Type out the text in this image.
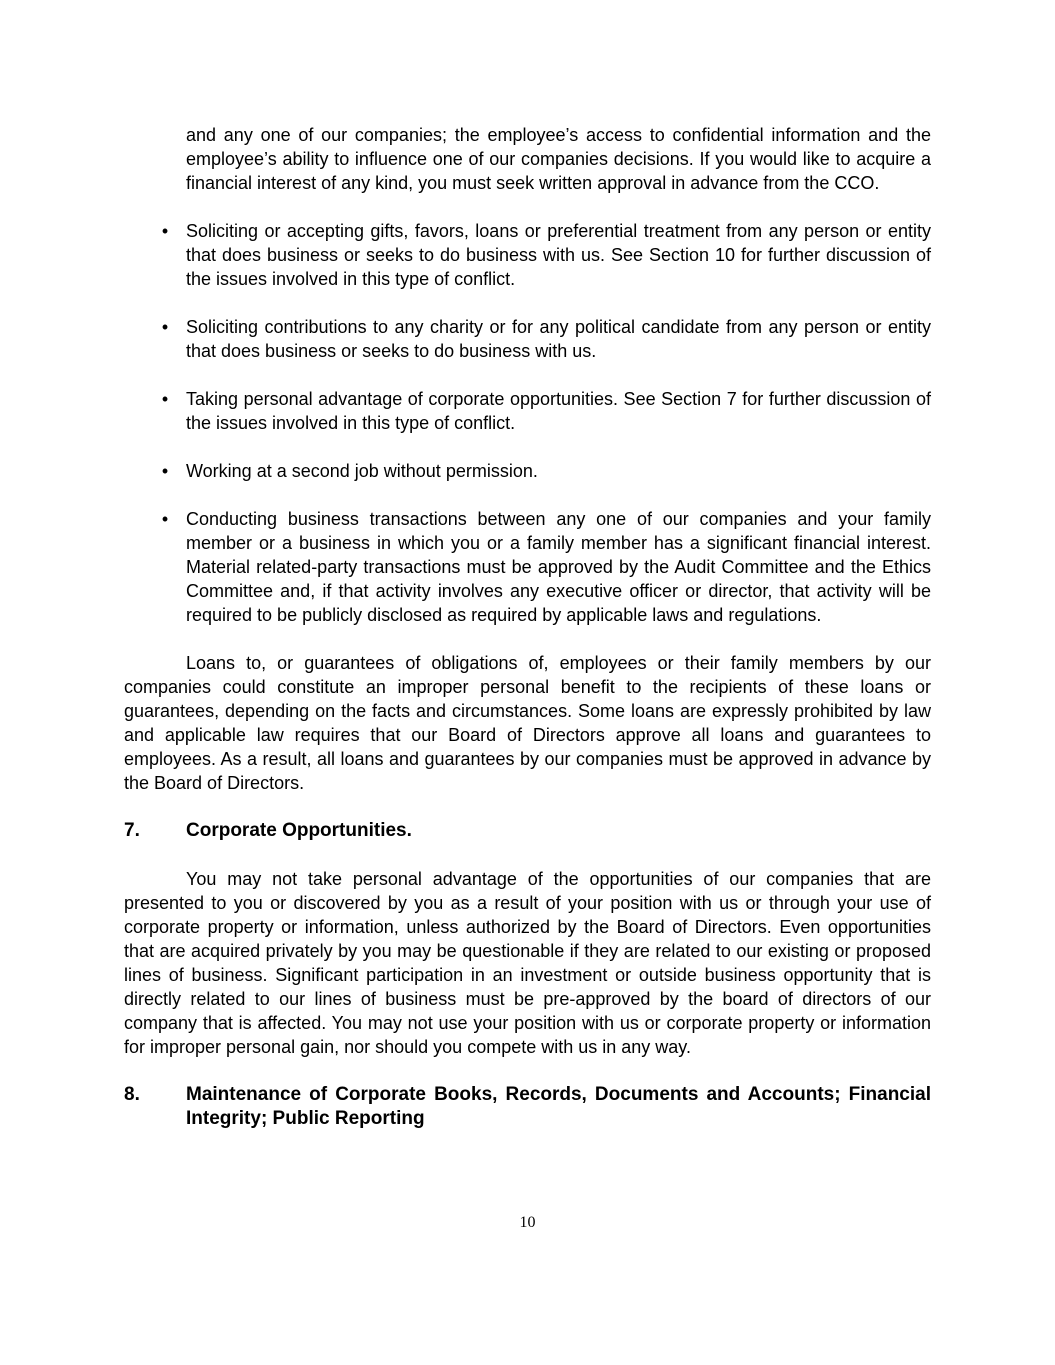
and any one of our companies; the employee’s access to confidential information and the employee’s ability to influence one of our companies decisions. If you would like to acquire a financial interest of any kind, you must seek written approval in advance from the CCO.

• Soliciting or accepting gifts, favors, loans or preferential treatment from any person or entity that does business or seeks to do business with us. See Section 10 for further discussion of the issues involved in this type of conflict.

• Soliciting contributions to any charity or for any political candidate from any person or entity that does business or seeks to do business with us.

• Taking personal advantage of corporate opportunities. See Section 7 for further discussion of the issues involved in this type of conflict.

• Working at a second job without permission.

• Conducting business transactions between any one of our companies and your family member or a business in which you or a family member has a significant financial interest. Material related-party transactions must be approved by the Audit Committee and the Ethics Committee and, if that activity involves any executive officer or director, that activity will be required to be publicly disclosed as required by applicable laws and regulations.

Loans to, or guarantees of obligations of, employees or their family members by our companies could constitute an improper personal benefit to the recipients of these loans or guarantees, depending on the facts and circumstances. Some loans are expressly prohibited by law and applicable law requires that our Board of Directors approve all loans and guarantees to employees. As a result, all loans and guarantees by our companies must be approved in advance by the Board of Directors.

7.	Corporate Opportunities.

You may not take personal advantage of the opportunities of our companies that are presented to you or discovered by you as a result of your position with us or through your use of corporate property or information, unless authorized by the Board of Directors. Even opportunities that are acquired privately by you may be questionable if they are related to our existing or proposed lines of business. Significant participation in an investment or outside business opportunity that is directly related to our lines of business must be pre-approved by the board of directors of our company that is affected. You may not use your position with us or corporate property or information for improper personal gain, nor should you compete with us in any way.

8.	Maintenance of Corporate Books, Records, Documents and Accounts; Financial Integrity; Public Reporting
10
